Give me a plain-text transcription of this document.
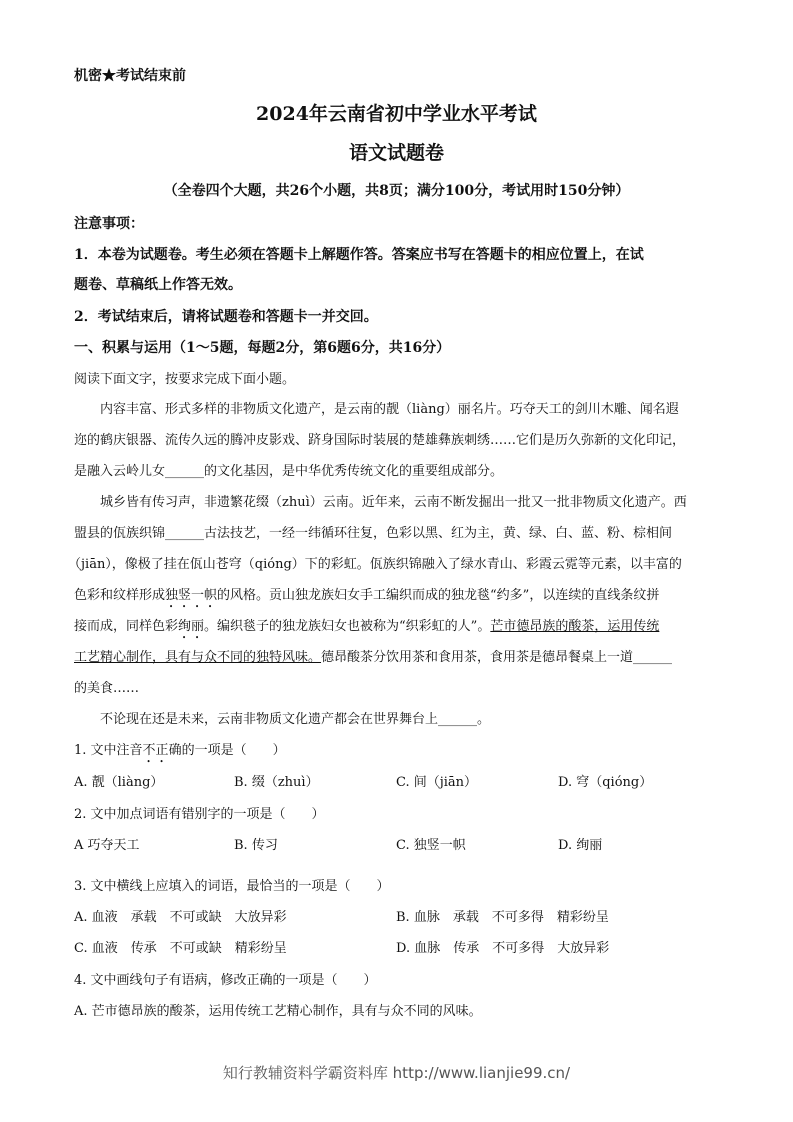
机密★考试结束前
2024年云南省初中学业水平考试
语文试题卷
（全卷四个大题，共26个小题，共8页；满分100分，考试用时150分钟）
注意事项：
1．本卷为试题卷。考生必须在答题卡上解题作答。答案应书写在答题卡的相应位置上，在试
题卷、草稿纸上作答无效。
2．考试结束后，请将试题卷和答题卡一并交回。
一、积累与运用（1～5题，每题2分，第6题6分，共16分）
阅读下面文字，按要求完成下面小题。
内容丰富、形式多样的非物质文化遗产，是云南的靓（liàng）丽名片。巧夺天工的剑川木雕、闻名遐
迩的鹤庆银器、流传久远的腾冲皮影戏、跻身国际时装展的楚雄彝族刺绣……它们是历久弥新的文化印记，
是融入云岭儿女______的文化基因，是中华优秀传统文化的重要组成部分。
城乡皆有传习声，非遗繁花缀（zhuì）云南。近年来，云南不断发掘出一批又一批非物质文化遗产。西
盟县的佤族织锦______古法技艺，一经一纬循环往复，色彩以黑、红为主，黄、绿、白、蓝、粉、棕相间
（jiān），像极了挂在佤山苍穹（qióng）下的彩虹。佤族织锦融入了绿水青山、彩霞云霓等元素，以丰富的
色彩和纹样形成独竖一帜的风格。贡山独龙族妇女手工编织而成的独龙毯“约多”，以连续的直线条纹拼
接而成，同样色彩绚丽。编织毯子的独龙族妇女也被称为“织彩虹的人”。芒市德昂族的酸茶，运用传统
工艺精心制作，具有与众不同的独特风味。德昂酸茶分饮用茶和食用茶，食用茶是德昂餐桌上一道______
的美食……
不论现在还是未来，云南非物质文化遗产都会在世界舞台上______。
1. 文中注音不正确的一项是（　　）
A. 靓（liàng）	B. 缀（zhuì）	C. 间（jiān）	D. 穹（qióng）
2. 文中加点词语有错别字的一项是（　　）
A 巧夺天工	B. 传习	C. 独竖一帜	D. 绚丽
3. 文中横线上应填入的词语，最恰当的一项是（　　）
A. 血液　承载　不可或缺　大放异彩	B. 血脉　承载　不可多得　精彩纷呈
C. 血液　传承　不可或缺　精彩纷呈	D. 血脉　传承　不可多得　大放异彩
4. 文中画线句子有语病，修改正确的一项是（　　）
A. 芒市德昂族的酸茶，运用传统工艺精心制作，具有与众不同的风味。
知行教辅资料学霸资料库 http://www.lianjie99.cn/
